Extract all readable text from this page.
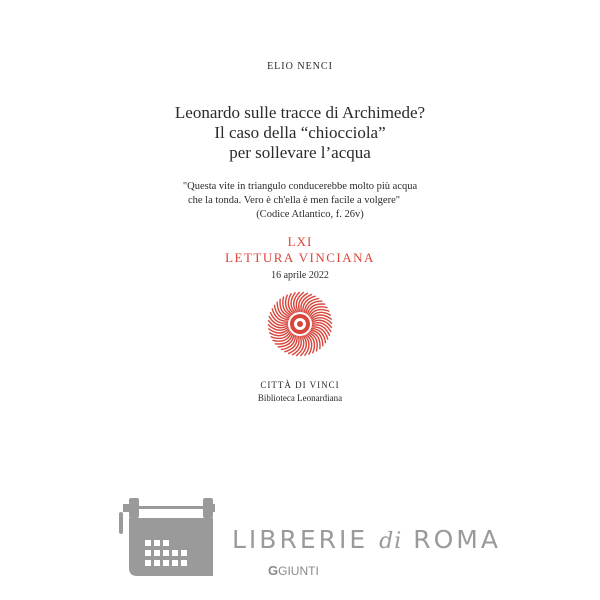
ELIO NENCI
Leonardo sulle tracce di Archimede?
Il caso della “chiocciola”
per sollevare l’acqua
"Questa vite in triangulo conducerebbe molto più acqua
che la tonda. Vero è ch'ella è men facile a volgere"
(Codice Atlantico, f. 26v)
LXI
LETTURA VINCIANA
16 aprile 2022
CITTÀ DI VINCI
Biblioteca Leonardiana
LIBRERIE di ROMA
GGIUNTI
